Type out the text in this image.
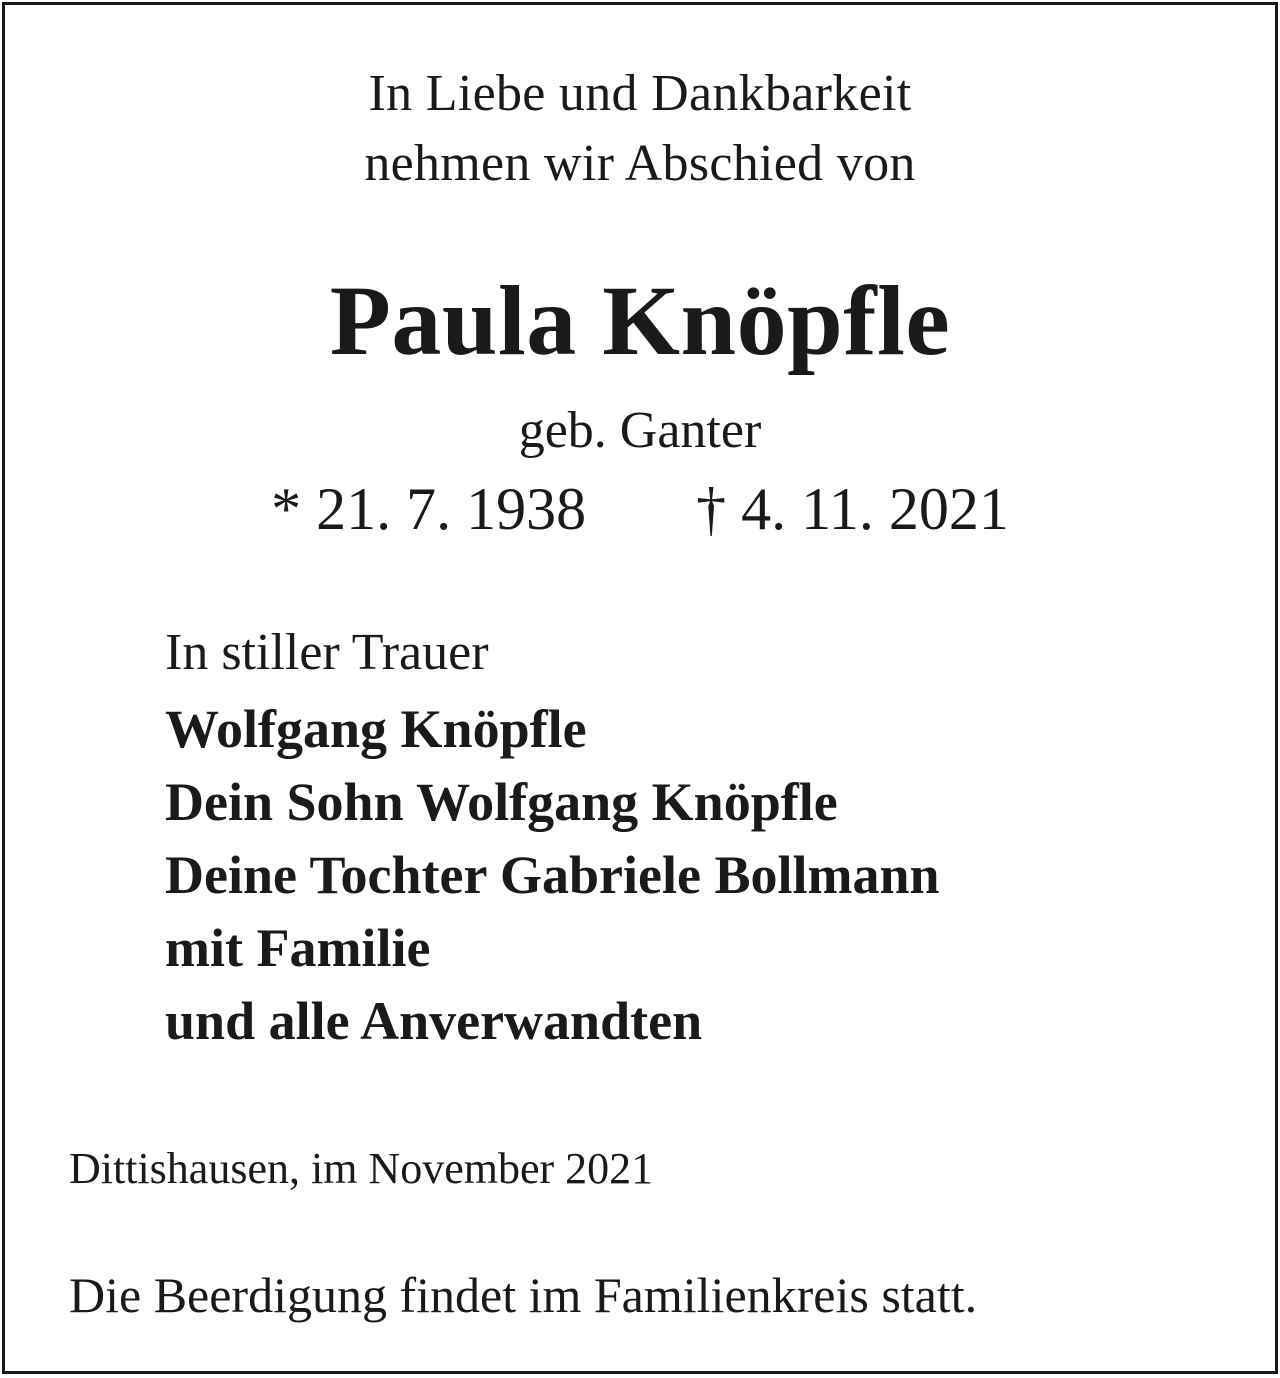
In Liebe und Dankbarkeit

nehmen wir Abschied von

Paula Knöpfle

geb. Ganter

* 21. 7. 1938 † 4. 11. 2021

In stiller Trauer

Wolfgang Knöpfle

Dein Sohn Wolfgang Knöpfle

Deine Tochter Gabriele Bollmann

mit Familie

und alle Anverwandten

Dittishausen, im November 2021

Die Beerdigung findet im Familienkreis statt.
